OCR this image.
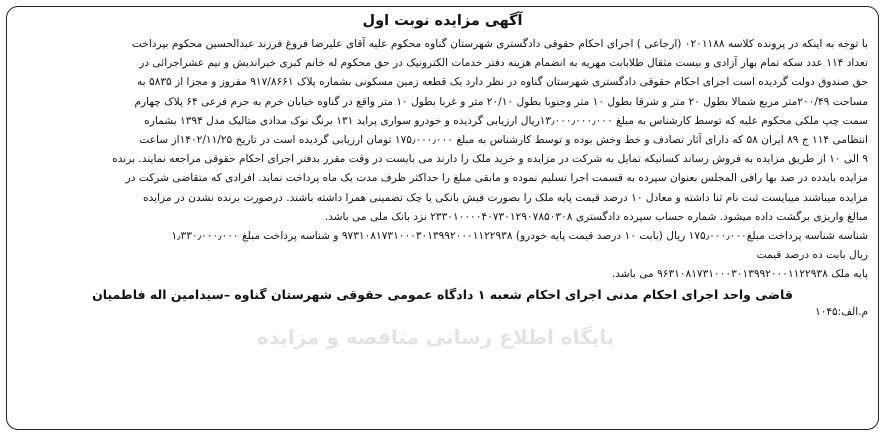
پایگاه اطلاع رسانی مناقصه و مزایده
آگهی مزایده نوبت اول
با توجه به اینکه در پرونده کلاسه ۰۲۰۱۱۸۸ (ارجاعی ) اجرای احکام حقوقی دادگستری شهرستان گناوه محکوم علیه آقای علیرضا فروغ فرزند عبدالحسین محکوم بپرداخت
تعداد ۱۱۴ عدد سکه تمام بهار آزادی و بیست مثقال طلابابت مهریه به انضمام هزینه دفتر خدمات الکترونیک در حق محکوم له خانم کبری خیراندیش و نیم عشراجرائی در
حق صندوق دولت گردیده است اجرای احکام حقوقی دادگستری شهرستان گناوه در نظر دارد یک قطعه زمین مسکونی بشماره پلاک ۹۱۷/۸۶۶۱ مفروز و مجزا از ۵۸۳۵ به
مساحت ۲۰۰/۴۹متر مربع شمالا بطول ۲۰ متر و شرقا بطول ۱۰ متر وجنوبا بطول ۲۰/۱۰ متر و غربا بطول ۱۰ متر واقع در گناوه خیابان خرم به حرم فرعی ۶۴ پلاک چهارم
سمت چپ ملکی محکوم علیه که توسط کارشناس به مبلغ ۱۳٫۰۰۰٫۰۰۰٫۰۰۰ریال ارزیابی گردیده و خودرو سواری پراید ۱۳۱ برنگ نوک مدادی متالیک مدل ۱۳۹۴ بشماره
انتظامی ۱۱۴ ج ۸۹ ایران ۵۸ که دارای آثار تصادف و خط وخش بوده و توسط کارشناس به مبلغ ۱۷۵٫۰۰۰٫۰۰۰ تومان ارزیابی گردیده است در تاریخ ۱۴۰۲/۱۱/۲۵از ساعت
۹ الی ۱۰ از طریق مزایده به فروش رساند کسانیکه تمایل به شرکت در مزایده و خرید ملک را دارند می بایست در وقت مقرر بدفتر اجرای احکام حقوقی مراجعه نمایند. برنده
مزایده بایدده در صد بها رافی المجلس بعنوان سپرده به قسمت اجرا تسلیم نموده و مابقی مبلغ را حداکثر ظرف مدت یک ماه پرداخت نماید. افرادی که متقاضی شرکت در
مزایده میباشند میبایست ثبت نام ثنا داشته و معادل ۱۰ درصد قیمت پایه ملک را بصورت فیش بانکی یا چک تضمینی همرا داشته باشند. درصورت برنده نشدن در مزایده
مبالغ واریزی برگشت داده میشود. شماره حساب سپرده دادگستری ۲۳۳۰۱۰۰۰۰۴۰۷۳۰۱۲۹۰۷۸۵۰۳۰۸ نزد بانک ملی می باشد.
شناسه شناسه پرداخت مبلغ۱۷۵٫۰۰۰٫۰۰۰ ریال (بابت ۱۰ درصد قیمت پایه خودرو) ۹۷۳۱۰۸۱۷۳۱۰۰۰۳۰۱۳۹۹۲۰۰۰۱۱۲۲۹۳۸ و شناسه پرداخت مبلغ ۱٫۳۳۰٫۰۰۰٫۰۰۰
ریال بابت ده درصد قیمت
پایه ملک ۹۶۳۱۰۸۱۷۳۱۰۰۰۳۰۱۳۹۹۲۰۰۰۱۱۲۲۹۳۸ می باشد.
قاضی واحد اجرای احکام مدنی اجرای احکام شعبه ۱ دادگاه عمومی حقوقی شهرستان گناوه –سیدامین اله فاطمیان
م.الف:۱۰۴۵
